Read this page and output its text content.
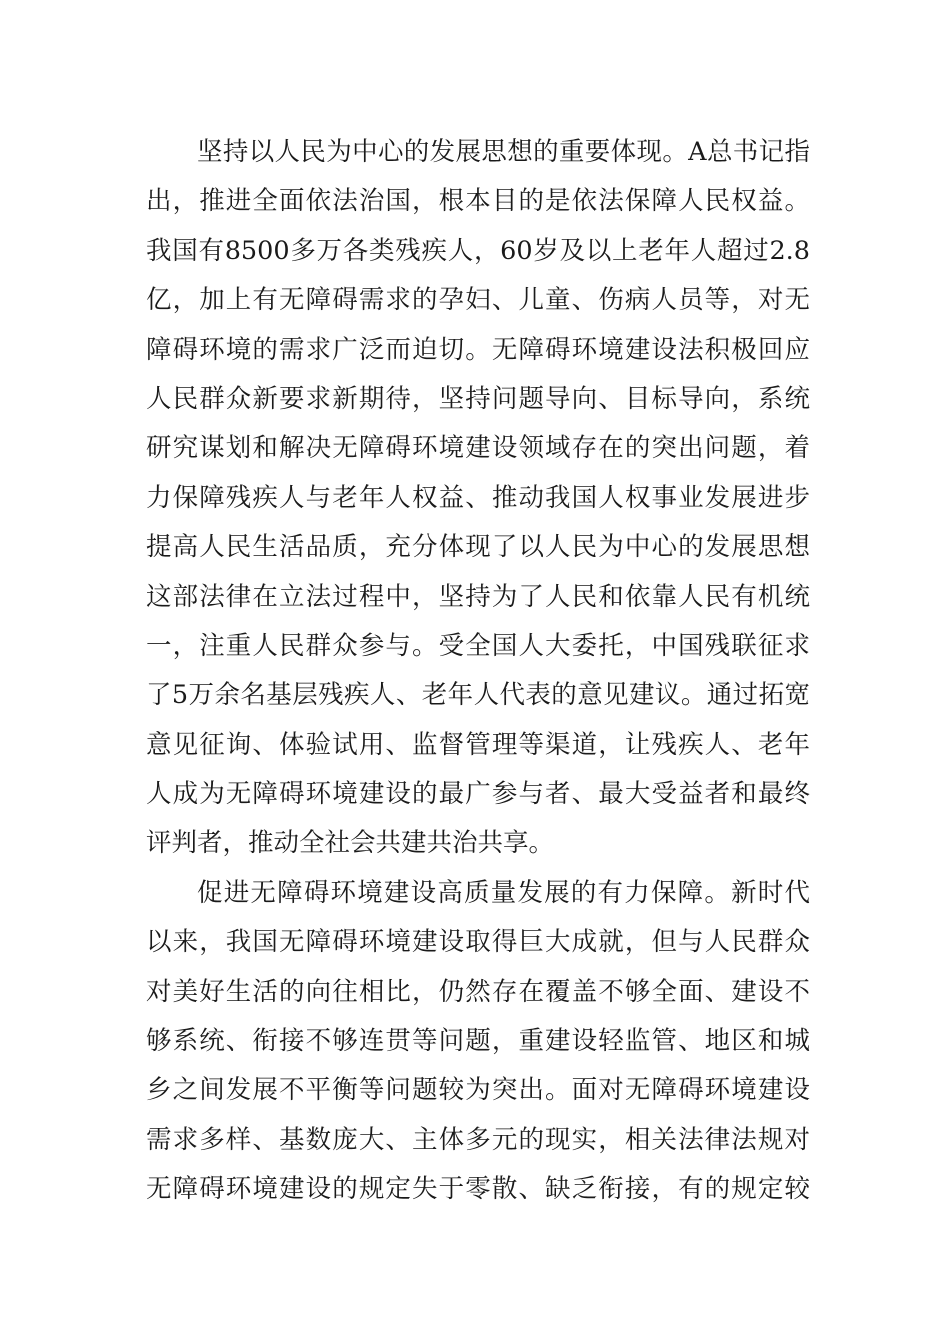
坚持以人民为中心的发展思想的重要体现。A总书记指
出，推进全面依法治国，根本目的是依法保障人民权益。
我国有8500多万各类残疾人，60岁及以上老年人超过2.8
亿，加上有无障碍需求的孕妇、儿童、伤病人员等，对无
障碍环境的需求广泛而迫切。无障碍环境建设法积极回应
人民群众新要求新期待，坚持问题导向、目标导向，系统
研究谋划和解决无障碍环境建设领域存在的突出问题，着
力保障残疾人与老年人权益、推动我国人权事业发展进步
提高人民生活品质，充分体现了以人民为中心的发展思想
这部法律在立法过程中，坚持为了人民和依靠人民有机统
一，注重人民群众参与。受全国人大委托，中国残联征求
了5万余名基层残疾人、老年人代表的意见建议。通过拓宽
意见征询、体验试用、监督管理等渠道，让残疾人、老年
人成为无障碍环境建设的最广参与者、最大受益者和最终
评判者，推动全社会共建共治共享。
促进无障碍环境建设高质量发展的有力保障。新时代
以来，我国无障碍环境建设取得巨大成就，但与人民群众
对美好生活的向往相比，仍然存在覆盖不够全面、建设不
够系统、衔接不够连贯等问题，重建设轻监管、地区和城
乡之间发展不平衡等问题较为突出。面对无障碍环境建设
需求多样、基数庞大、主体多元的现实，相关法律法规对
无障碍环境建设的规定失于零散、缺乏衔接，有的规定较
